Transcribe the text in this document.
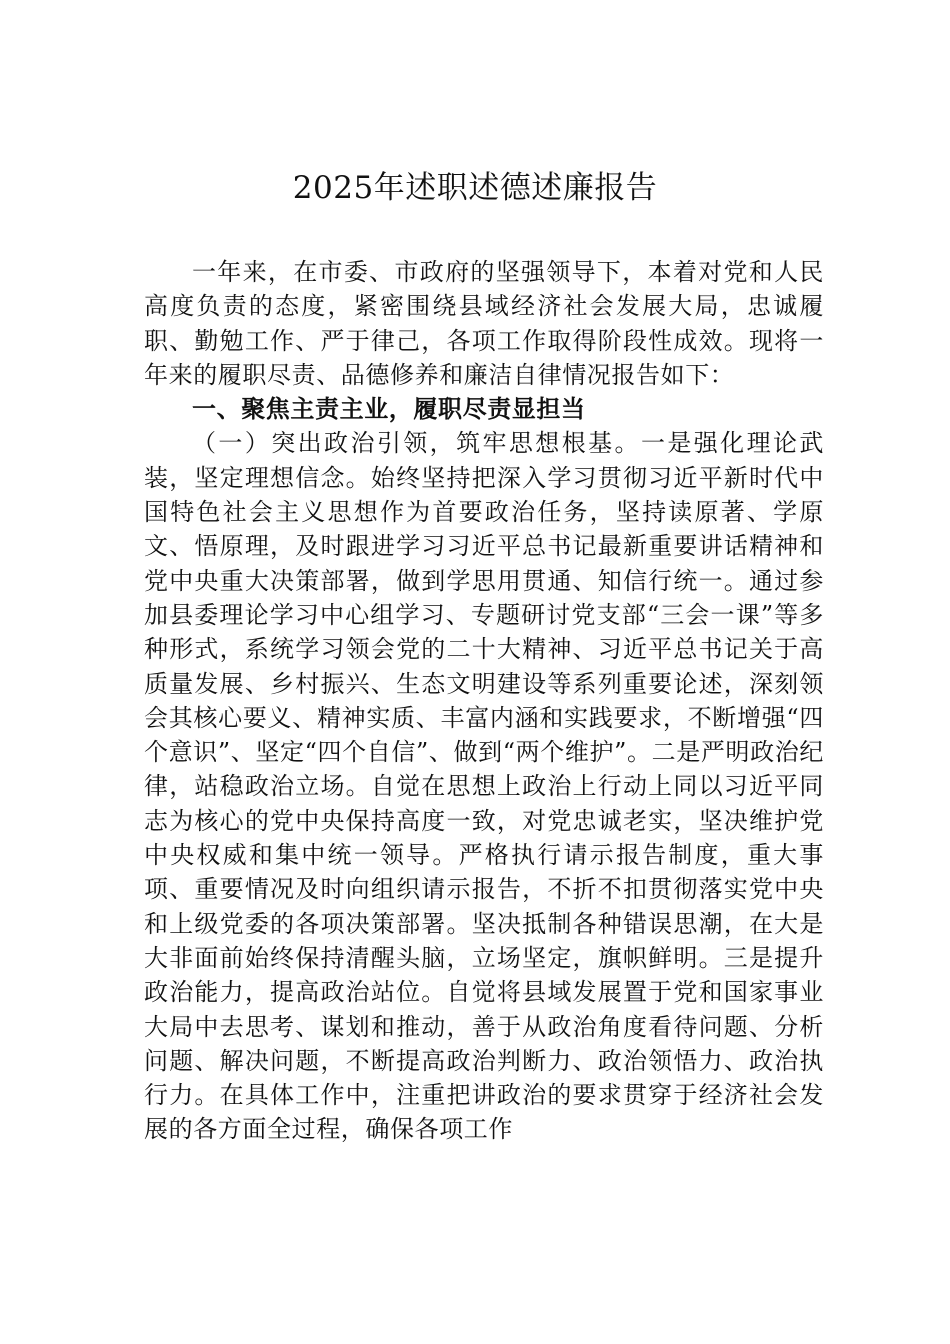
2025年述职述德述廉报告

一年来，在市委、市政府的坚强领导下，本着对党和人民高度负责的态度，紧密围绕县域经济社会发展大局，忠诚履职、勤勉工作、严于律己，各项工作取得阶段性成效。现将一年来的履职尽责、品德修养和廉洁自律情况报告如下：

一、聚焦主责主业，履职尽责显担当

（一）突出政治引领，筑牢思想根基。一是强化理论武装，坚定理想信念。始终坚持把深入学习贯彻习近平新时代中国特色社会主义思想作为首要政治任务，坚持读原著、学原文、悟原理，及时跟进学习习近平总书记最新重要讲话精神和党中央重大决策部署，做到学思用贯通、知信行统一。通过参加县委理论学习中心组学习、专题研讨党支部“三会一课”等多种形式，系统学习领会党的二十大精神、习近平总书记关于高质量发展、乡村振兴、生态文明建设等系列重要论述，深刻领会其核心要义、精神实质、丰富内涵和实践要求，不断增强“四个意识”、坚定“四个自信”、做到“两个维护”。二是严明政治纪律，站稳政治立场。自觉在思想上政治上行动上同以习近平同志为核心的党中央保持高度一致，对党忠诚老实，坚决维护党中央权威和集中统一领导。严格执行请示报告制度，重大事项、重要情况及时向组织请示报告，不折不扣贯彻落实党中央和上级党委的各项决策部署。坚决抵制各种错误思潮，在大是大非面前始终保持清醒头脑，立场坚定，旗帜鲜明。三是提升政治能力，提高政治站位。自觉将县域发展置于党和国家事业大局中去思考、谋划和推动，善于从政治角度看待问题、分析问题、解决问题，不断提高政治判断力、政治领悟力、政治执行力。在具体工作中，注重把讲政治的要求贯穿于经济社会发展的各方面全过程，确保各项工作
